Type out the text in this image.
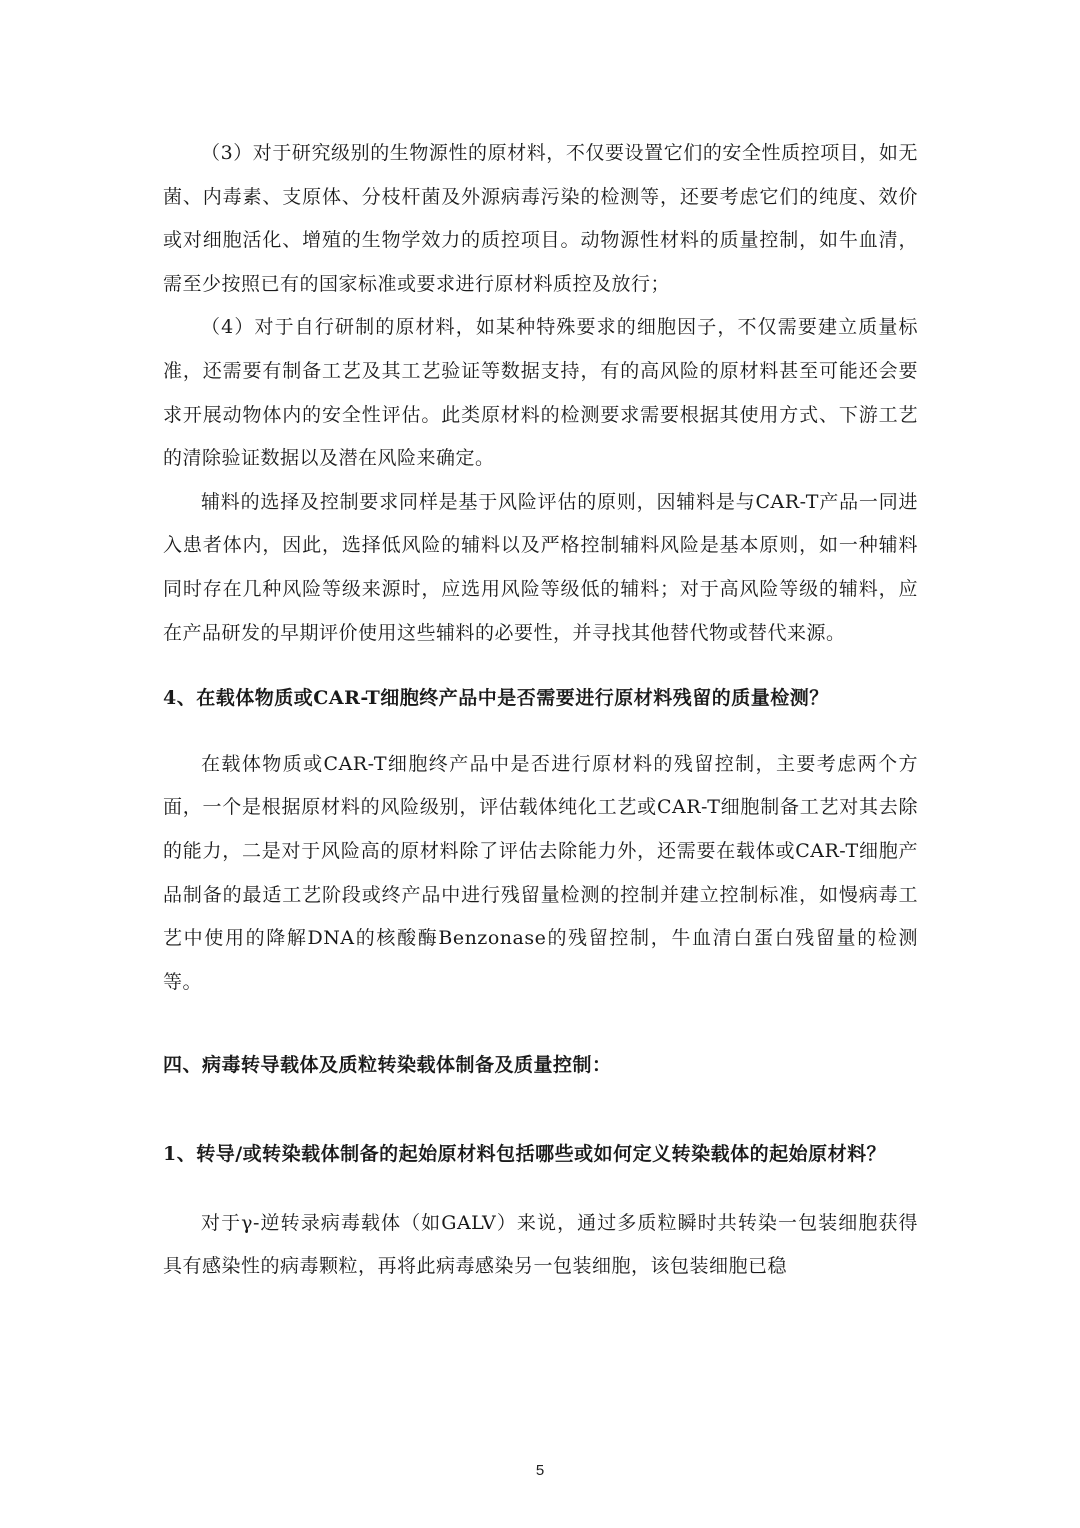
（3）对于研究级别的生物源性的原材料，不仅要设置它们的安全性质控项目，如无菌、内毒素、支原体、分枝杆菌及外源病毒污染的检测等，还要考虑它们的纯度、效价或对细胞活化、增殖的生物学效力的质控项目。动物源性材料的质量控制，如牛血清，需至少按照已有的国家标准或要求进行原材料质控及放行；

（4）对于自行研制的原材料，如某种特殊要求的细胞因子，不仅需要建立质量标准，还需要有制备工艺及其工艺验证等数据支持，有的高风险的原材料甚至可能还会要求开展动物体内的安全性评估。此类原材料的检测要求需要根据其使用方式、下游工艺的清除验证数据以及潜在风险来确定。

辅料的选择及控制要求同样是基于风险评估的原则，因辅料是与CAR-T产品一同进入患者体内，因此，选择低风险的辅料以及严格控制辅料风险是基本原则，如一种辅料同时存在几种风险等级来源时，应选用风险等级低的辅料；对于高风险等级的辅料，应在产品研发的早期评价使用这些辅料的必要性，并寻找其他替代物或替代来源。

4、在载体物质或CAR-T细胞终产品中是否需要进行原材料残留的质量检测？

在载体物质或CAR-T细胞终产品中是否进行原材料的残留控制，主要考虑两个方面，一个是根据原材料的风险级别，评估载体纯化工艺或CAR-T细胞制备工艺对其去除的能力，二是对于风险高的原材料除了评估去除能力外，还需要在载体或CAR-T细胞产品制备的最适工艺阶段或终产品中进行残留量检测的控制并建立控制标准，如慢病毒工艺中使用的降解DNA的核酸酶Benzonase的残留控制，牛血清白蛋白残留量的检测等。

四、病毒转导载体及质粒转染载体制备及质量控制：
1、转导/或转染载体制备的起始原材料包括哪些或如何定义转染载体的起始原材料？

对于γ-逆转录病毒载体（如GALV）来说，通过多质粒瞬时共转染一包装细胞获得具有感染性的病毒颗粒，再将此病毒感染另一包装细胞，该包装细胞已稳

5
